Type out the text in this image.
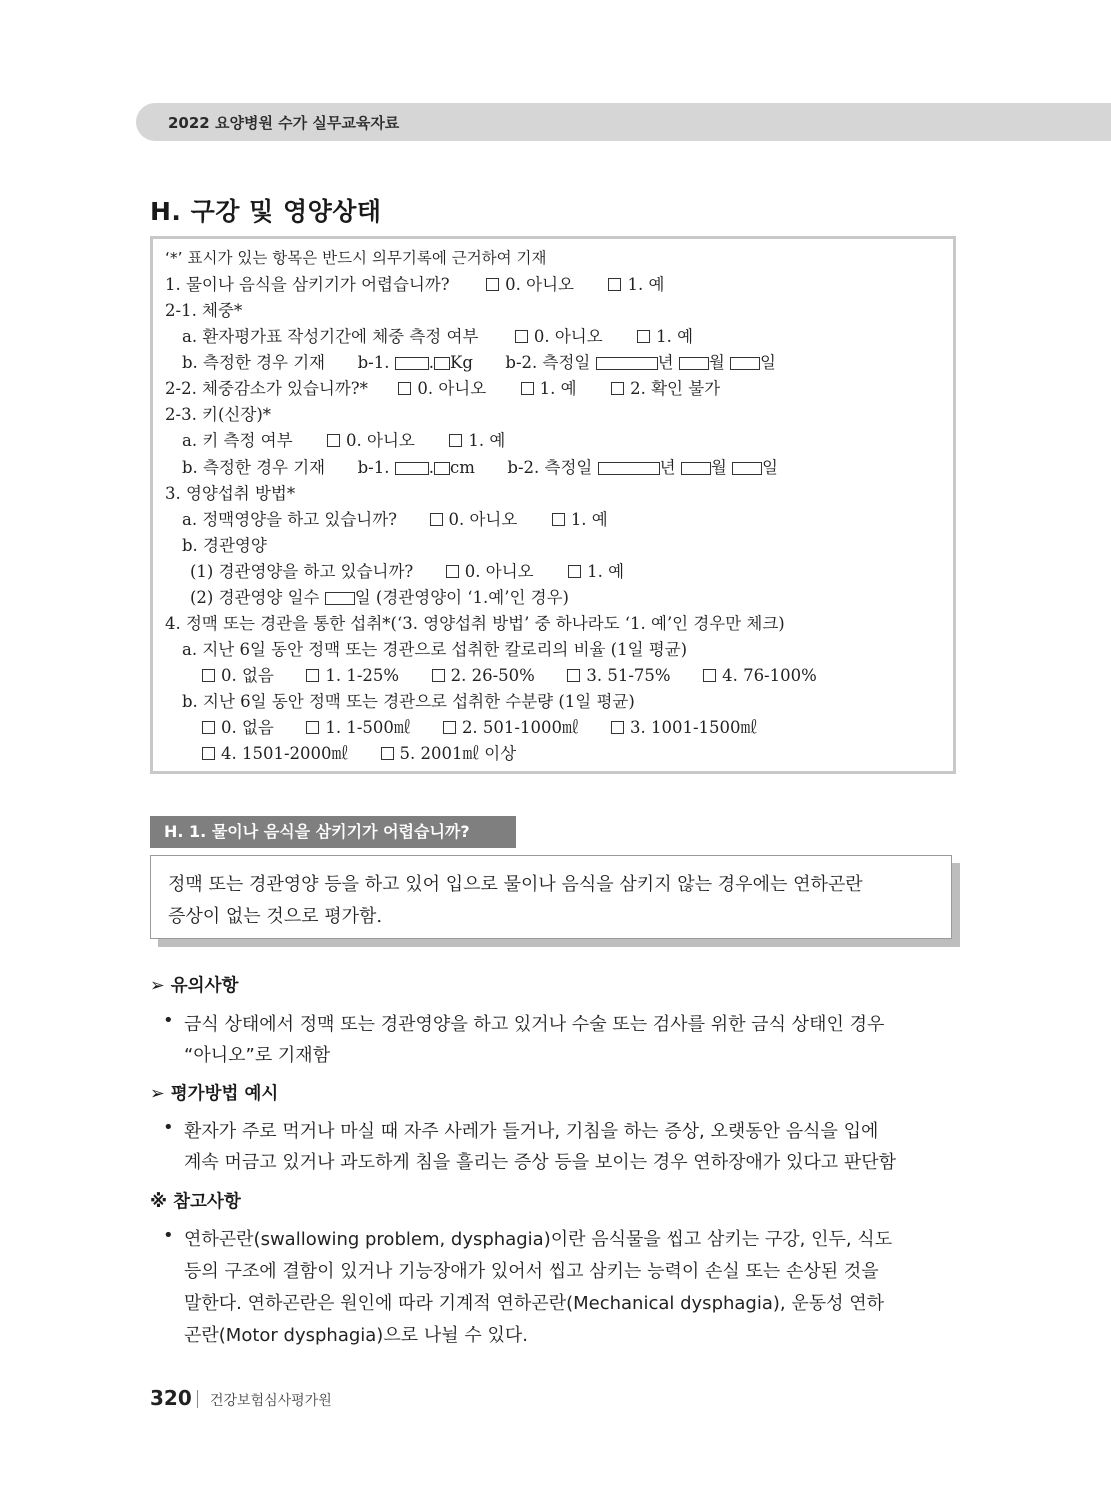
2022 요양병원 수가 실무교육자료
H. 구강 및 영양상태
‘*’ 표시가 있는 항목은 반드시 의무기록에 근거하여 기재
1. 물이나 음식을 삼키기가 어렵습니까?	0. 아니오	1. 예
2-1. 체중*
a. 환자평가표 작성기간에 체중 측정 여부	0. 아니오	1. 예
b. 측정한 경우 기재 b-1. . Kg b-2. 측정일	년 월 일
2-2. 체중감소가 있습니까?*	0. 아니오	1. 예	2. 확인 불가
2-3. 키(신장)*
a. 키 측정 여부	0. 아니오	1. 예
b. 측정한 경우 기재 b-1. . cm b-2. 측정일	년 월 일
3. 영양섭취 방법*
a. 정맥영양을 하고 있습니까?	0. 아니오	1. 예
b. 경관영양
(1) 경관영양을 하고 있습니까?	0. 아니오	1. 예
(2) 경관영양 일수 일 (경관영양이 ‘1.예’인 경우)
4. 정맥 또는 경관을 통한 섭취*(‘3. 영양섭취 방법’ 중 하나라도 ‘1. 예’인 경우만 체크)
a. 지난 6일 동안 정맥 또는 경관으로 섭취한 칼로리의 비율 (1일 평균)
0. 없음	1. 1-25%	2. 26-50%	3. 51-75%	4. 76-100%
b. 지난 6일 동안 정맥 또는 경관으로 섭취한 수분량 (1일 평균)
0. 없음	1. 1-500㎖	2. 501-1000㎖	3. 1001-1500㎖
4. 1501-2000㎖	5. 2001㎖ 이상
H. 1. 물이나 음식을 삼키기가 어렵습니까?
정맥 또는 경관영양 등을 하고 있어 입으로 물이나 음식을 삼키지 않는 경우에는 연하곤란
증상이 없는 것으로 평가함.
➢ 유의사항
• 금식 상태에서 정맥 또는 경관영양을 하고 있거나 수술 또는 검사를 위한 금식 상태인 경우
“아니오”로 기재함
➢ 평가방법 예시
• 환자가 주로 먹거나 마실 때 자주 사레가 들거나, 기침을 하는 증상, 오랫동안 음식을 입에
계속 머금고 있거나 과도하게 침을 흘리는 증상 등을 보이는 경우 연하장애가 있다고 판단함
※ 참고사항
• 연하곤란(swallowing problem, dysphagia)이란 음식물을 씹고 삼키는 구강, 인두, 식도
등의 구조에 결함이 있거나 기능장애가 있어서 씹고 삼키는 능력이 손실 또는 손상된 것을
말한다. 연하곤란은 원인에 따라 기계적 연하곤란(Mechanical dysphagia), 운동성 연하
곤란(Motor dysphagia)으로 나뉠 수 있다.
320 건강보험심사평가원
